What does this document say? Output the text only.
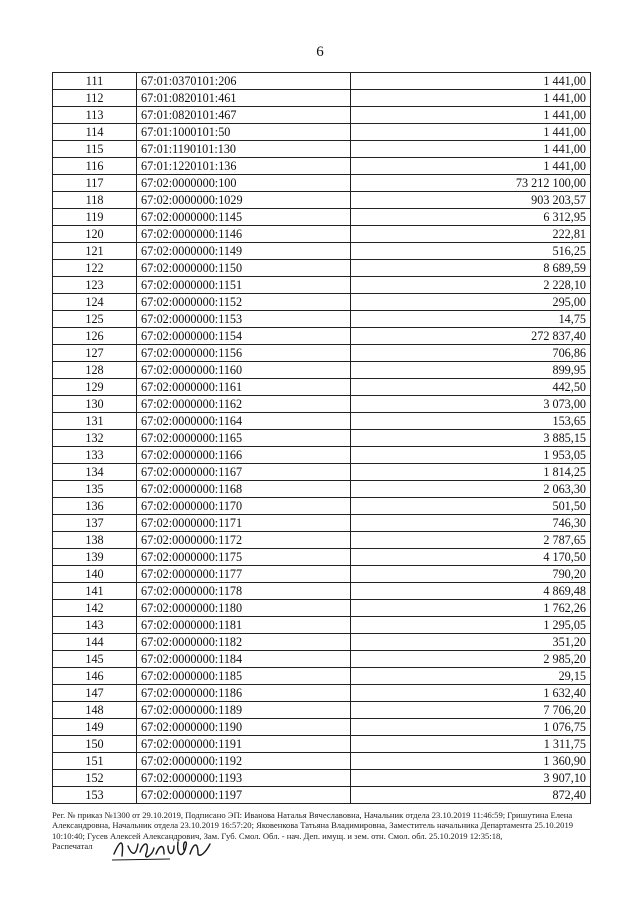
6
111	67:01:0370101:206	1 441,00
112	67:01:0820101:461	1 441,00
113	67:01:0820101:467	1 441,00
114	67:01:1000101:50	1 441,00
115	67:01:1190101:130	1 441,00
116	67:01:1220101:136	1 441,00
117	67:02:0000000:100	73 212 100,00
118	67:02:0000000:1029	903 203,57
119	67:02:0000000:1145	6 312,95
120	67:02:0000000:1146	222,81
121	67:02:0000000:1149	516,25
122	67:02:0000000:1150	8 689,59
123	67:02:0000000:1151	2 228,10
124	67:02:0000000:1152	295,00
125	67:02:0000000:1153	14,75
126	67:02:0000000:1154	272 837,40
127	67:02:0000000:1156	706,86
128	67:02:0000000:1160	899,95
129	67:02:0000000:1161	442,50
130	67:02:0000000:1162	3 073,00
131	67:02:0000000:1164	153,65
132	67:02:0000000:1165	3 885,15
133	67:02:0000000:1166	1 953,05
134	67:02:0000000:1167	1 814,25
135	67:02:0000000:1168	2 063,30
136	67:02:0000000:1170	501,50
137	67:02:0000000:1171	746,30
138	67:02:0000000:1172	2 787,65
139	67:02:0000000:1175	4 170,50
140	67:02:0000000:1177	790,20
141	67:02:0000000:1178	4 869,48
142	67:02:0000000:1180	1 762,26
143	67:02:0000000:1181	1 295,05
144	67:02:0000000:1182	351,20
145	67:02:0000000:1184	2 985,20
146	67:02:0000000:1185	29,15
147	67:02:0000000:1186	1 632,40
148	67:02:0000000:1189	7 706,20
149	67:02:0000000:1190	1 076,75
150	67:02:0000000:1191	1 311,75
151	67:02:0000000:1192	1 360,90
152	67:02:0000000:1193	3 907,10
153	67:02:0000000:1197	872,40
Рег. № приказ №1300 от 29.10.2019, Подписано ЭП: Иванова Наталья Вячеславовна, Начальник отдела 23.10.2019 11:46:59; Гришутина Елена
Александровна, Начальник отдела 23.10.2019 16:57:20; Яковенкова Татьяна Владимировна, Заместитель начальника Департамента 25.10.2019
10:10:40; Гусев Алексей Александрович, Зам. Губ. Смол. Обл. - нач. Деп. имущ. и зем. отн. Смол. обл. 25.10.2019 12:35:18,
Распечатал
